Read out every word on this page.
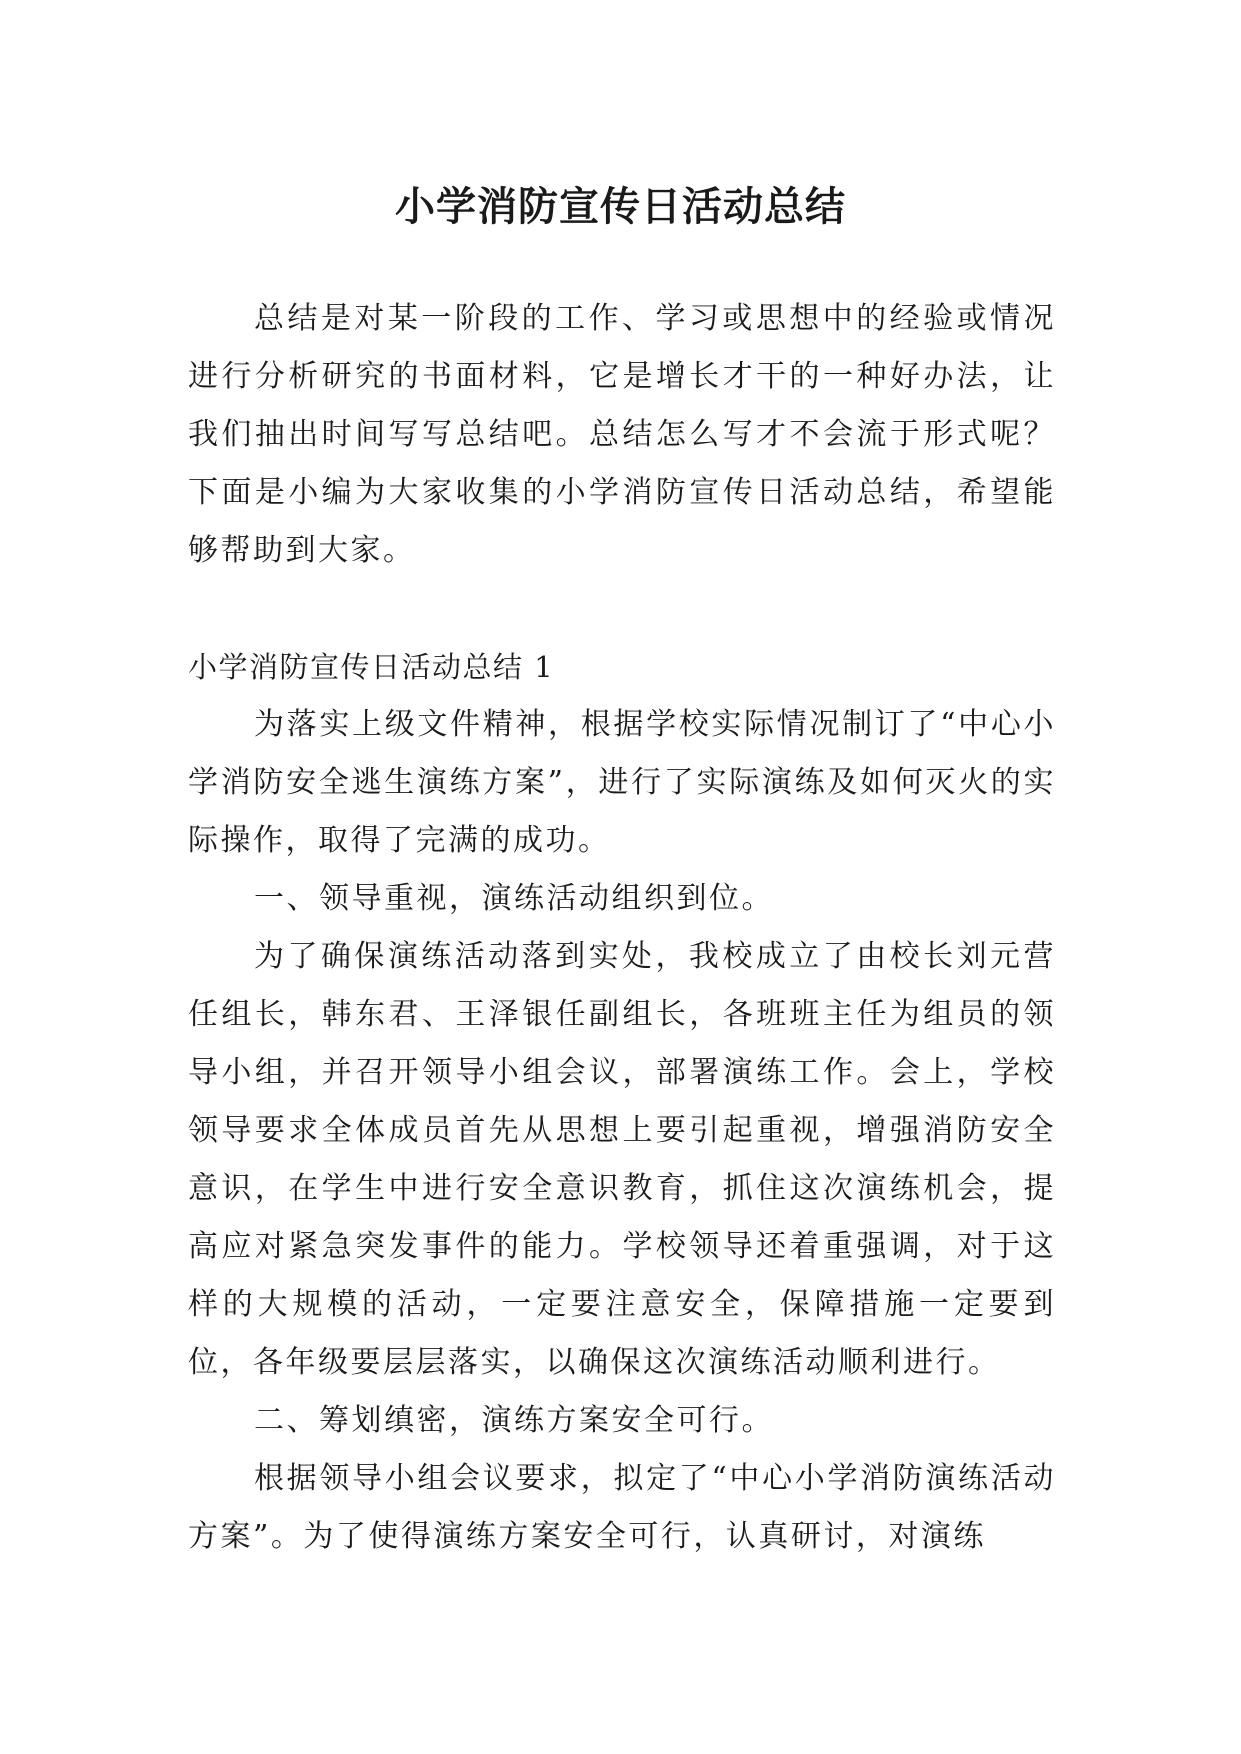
小学消防宣传日活动总结

总结是对某一阶段的工作、学习或思想中的经验或情况进行分析研究的书面材料，它是增长才干的一种好办法，让我们抽出时间写写总结吧。总结怎么写才不会流于形式呢？下面是小编为大家收集的小学消防宣传日活动总结，希望能够帮助到大家。

小学消防宣传日活动总结 1

为落实上级文件精神，根据学校实际情况制订了“中心小学消防安全逃生演练方案”，进行了实际演练及如何灭火的实际操作，取得了完满的成功。

一、领导重视，演练活动组织到位。

为了确保演练活动落到实处，我校成立了由校长刘元营任组长，韩东君、王泽银任副组长，各班班主任为组员的领导小组，并召开领导小组会议，部署演练工作。会上，学校领导要求全体成员首先从思想上要引起重视，增强消防安全意识，在学生中进行安全意识教育，抓住这次演练机会，提高应对紧急突发事件的能力。学校领导还着重强调，对于这样的大规模的活动，一定要注意安全，保障措施一定要到位，各年级要层层落实，以确保这次演练活动顺利进行。

二、筹划缜密，演练方案安全可行。

根据领导小组会议要求，拟定了“中心小学消防演练活动方案”。为了使得演练方案安全可行，认真研讨，对演练
